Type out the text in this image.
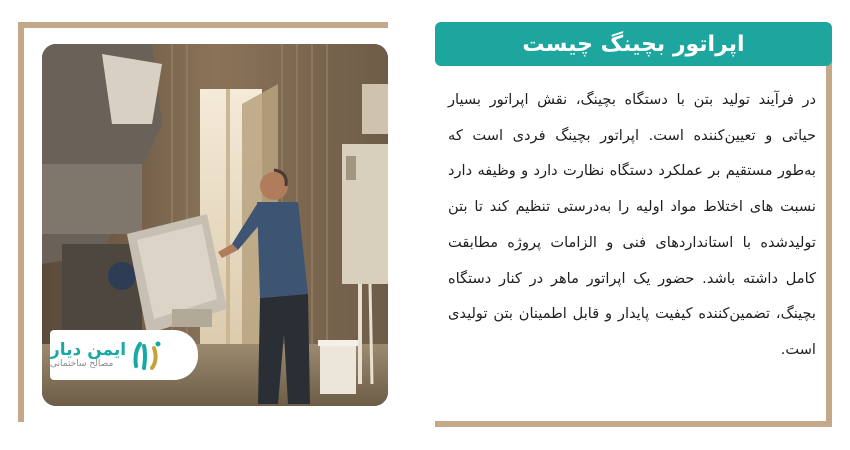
ایمن دیار
مصالح ساختمانی
اپراتور بچینگ چیست
در فرآیند تولید بتن با دستگاه بچینگ، نقش اپراتور بسیار حیاتی و تعیین‌کننده است. اپراتور بچینگ فردی است که به‌طور مستقیم بر عملکرد دستگاه نظارت دارد و وظیفه دارد نسبت های اختلاط مواد اولیه را به‌درستی تنظیم کند تا بتن تولیدشده با استانداردهای فنی و الزامات پروژه مطابقت کامل داشته باشد. حضور یک اپراتور ماهر در کنار دستگاه بچینگ، تضمین‌کننده کیفیت پایدار و قابل اطمینان بتن تولیدی است.
